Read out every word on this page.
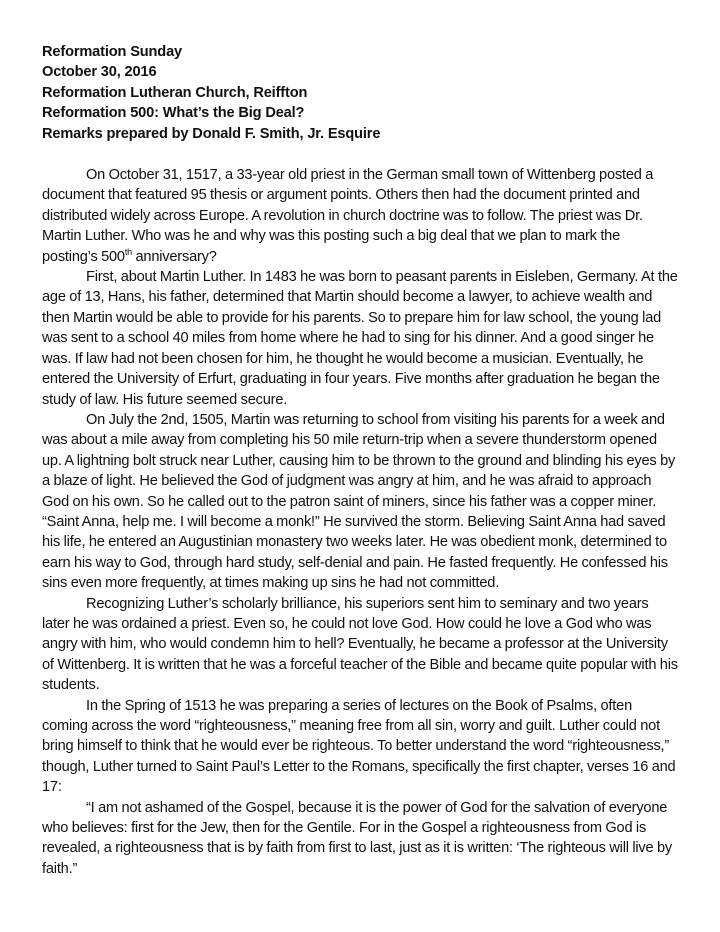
Reformation Sunday
October 30, 2016
Reformation Lutheran Church, Reiffton
Reformation 500: What’s the Big Deal?
Remarks prepared by Donald F. Smith, Jr. Esquire

On October 31, 1517, a 33-year old priest in the German small town of Wittenberg posted a document that featured 95 thesis or argument points. Others then had the document printed and distributed widely across Europe. A revolution in church doctrine was to follow. The priest was Dr. Martin Luther. Who was he and why was this posting such a big deal that we plan to mark the posting’s 500th anniversary?

First, about Martin Luther. In 1483 he was born to peasant parents in Eisleben, Germany. At the age of 13, Hans, his father, determined that Martin should become a lawyer, to achieve wealth and then Martin would be able to provide for his parents. So to prepare him for law school, the young lad was sent to a school 40 miles from home where he had to sing for his dinner. And a good singer he was. If law had not been chosen for him, he thought he would become a musician. Eventually, he entered the University of Erfurt, graduating in four years. Five months after graduation he began the study of law. His future seemed secure.

On July the 2nd, 1505, Martin was returning to school from visiting his parents for a week and was about a mile away from completing his 50 mile return-trip when a severe thunderstorm opened up. A lightning bolt struck near Luther, causing him to be thrown to the ground and blinding his eyes by a blaze of light. He believed the God of judgment was angry at him, and he was afraid to approach God on his own. So he called out to the patron saint of miners, since his father was a copper miner. “Saint Anna, help me. I will become a monk!” He survived the storm. Believing Saint Anna had saved his life, he entered an Augustinian monastery two weeks later. He was obedient monk, determined to earn his way to God, through hard study, self-denial and pain. He fasted frequently. He confessed his sins even more frequently, at times making up sins he had not committed.

Recognizing Luther’s scholarly brilliance, his superiors sent him to seminary and two years later he was ordained a priest. Even so, he could not love God. How could he love a God who was angry with him, who would condemn him to hell? Eventually, he became a professor at the University of Wittenberg. It is written that he was a forceful teacher of the Bible and became quite popular with his students.

In the Spring of 1513 he was preparing a series of lectures on the Book of Psalms, often coming across the word “righteousness,” meaning free from all sin, worry and guilt. Luther could not bring himself to think that he would ever be righteous. To better understand the word “righteousness,” though, Luther turned to Saint Paul’s Letter to the Romans, specifically the first chapter, verses 16 and 17:

“I am not ashamed of the Gospel, because it is the power of God for the salvation of everyone who believes: first for the Jew, then for the Gentile. For in the Gospel a righteousness from God is revealed, a righteousness that is by faith from first to last, just as it is written: ‘The righteous will live by faith.”
